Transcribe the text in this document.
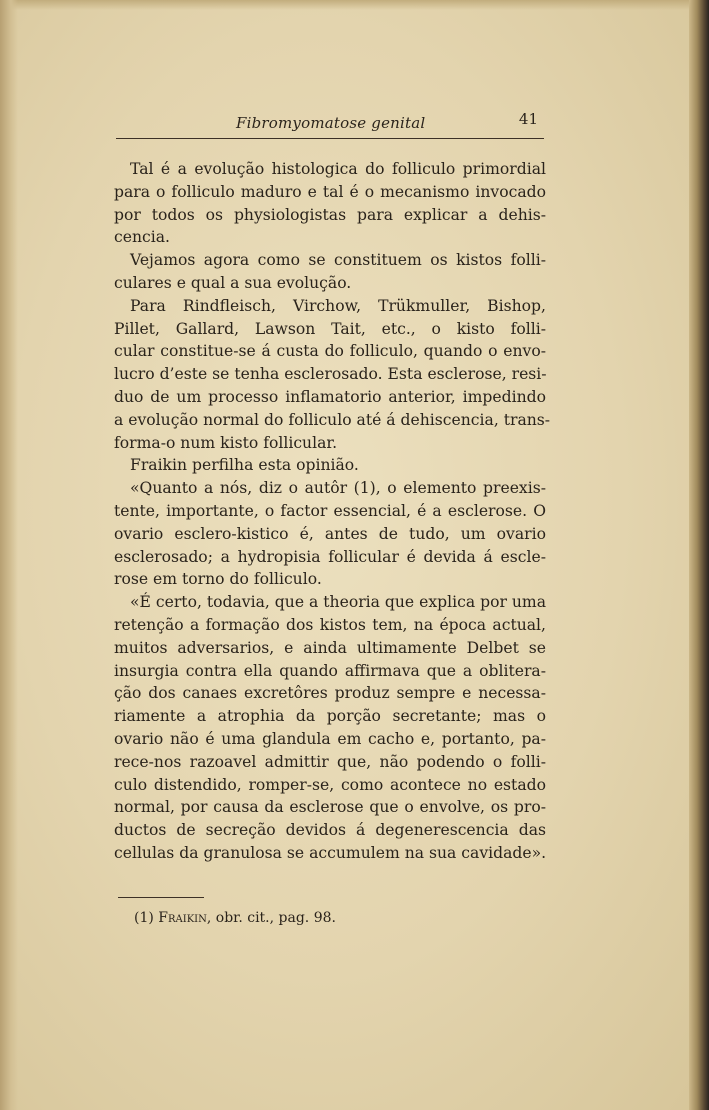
Fibromyomatose genital	41
Tal é a evolução histologica do folliculo primordial
para o folliculo maduro e tal é o mecanismo invocado
por todos os physiologistas para explicar a dehis-
cencia.
Vejamos agora como se constituem os kistos folli-
culares e qual a sua evolução.
Para Rindfleisch, Virchow, Trükmuller, Bishop,
Pillet, Gallard, Lawson Tait, etc., o kisto folli-
cular constitue-se á custa do folliculo, quando o envo-
lucro d’este se tenha esclerosado. Esta esclerose, resi-
duo de um processo inflamatorio anterior, impedindo
a evolução normal do folliculo até á dehiscencia, trans-
forma-o num kisto follicular.
Fraikin perfilha esta opinião.
«Quanto a nós, diz o autôr (1), o elemento preexis-
tente, importante, o factor essencial, é a esclerose. O
ovario esclero-kistico é, antes de tudo, um ovario
esclerosado; a hydropisia follicular é devida á escle-
rose em torno do folliculo.
«É certo, todavia, que a theoria que explica por uma
retenção a formação dos kistos tem, na época actual,
muitos adversarios, e ainda ultimamente Delbet se
insurgia contra ella quando affirmava que a oblitera-
ção dos canaes excretôres produz sempre e necessa-
riamente a atrophia da porção secretante; mas o
ovario não é uma glandula em cacho e, portanto, pa-
rece-nos razoavel admittir que, não podendo o folli-
culo distendido, romper-se, como acontece no estado
normal, por causa da esclerose que o envolve, os pro-
ductos de secreção devidos á degenerescencia das
cellulas da granulosa se accumulem na sua cavidade».
(1) Fraikin, obr. cit., pag. 98.
